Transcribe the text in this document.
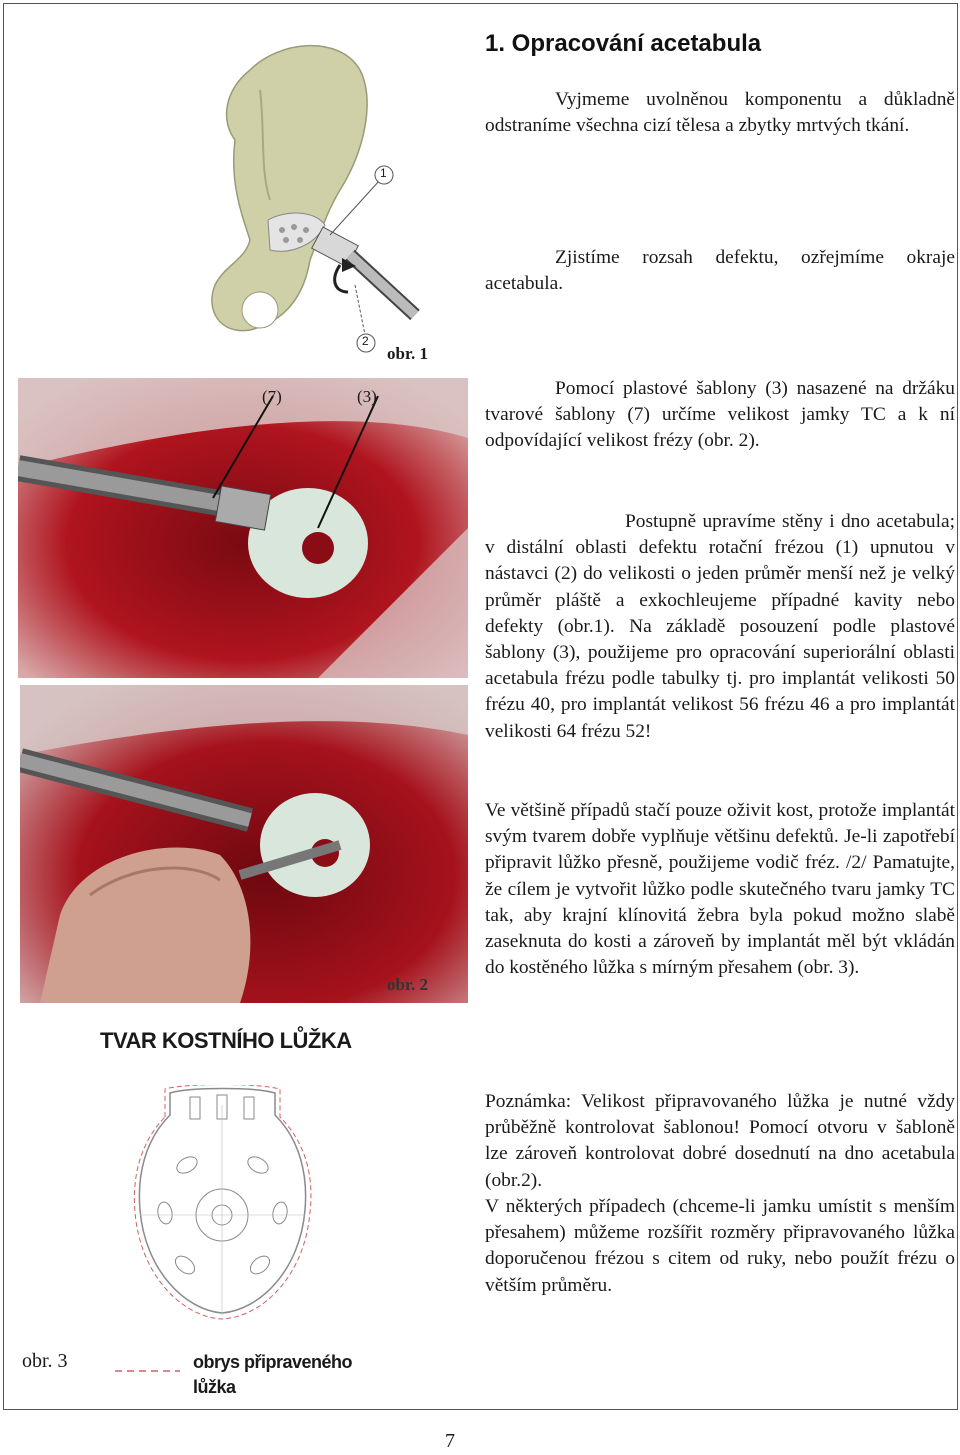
1
2
obr. 1
(7)	(3)
obr. 2
TVAR KOSTNÍHO LŮŽKA
obr. 3	obrys připraveného lůžka
1. Opracování acetabula

Vyjmeme uvolněnou komponentu a důkladně odstraníme všechna cizí tělesa a zbytky mrtvých tkání.

Zjistíme rozsah defektu, ozřejmíme okraje acetabula.

Pomocí plastové šablony (3) nasazené na držáku tvarové šablony (7) určíme velikost jamky TC a k ní odpovídající velikost frézy (obr. 2).

Postupně upravíme stěny i dno acetabula; v distální oblasti defektu rotační frézou (1) upnutou v nástavci (2) do velikosti o jeden průměr menší než je velký průměr pláště a exkochleujeme případné kavity nebo defekty (obr.1). Na základě posouzení podle plastové šablony (3), použijeme pro opracování superiorální oblasti acetabula frézu podle tabulky tj. pro implantát velikosti 50 frézu 40, pro implantát velikost 56 frézu 46 a pro implantát velikosti 64 frézu 52!

Ve většině případů stačí pouze oživit kost, protože implantát svým tvarem dobře vyplňuje většinu defektů. Je-li zapotřebí připravit lůžko přesně, použijeme vodič fréz. /2/ Pamatujte, že cílem je vytvořit lůžko podle skutečného tvaru jamky TC tak, aby krajní klínovitá žebra byla pokud možno slabě zaseknuta do kosti a zároveň by implantát měl být vkládán do kostěného lůžka s mírným přesahem (obr. 3).

Poznámka: Velikost připravovaného lůžka je nutné vždy průběžně kontrolovat šablonou! Pomocí otvoru v šabloně lze zároveň kontrolovat dobré dosednutí na dno acetabula (obr.2).

V některých případech (chceme-li jamku umístit s menším přesahem) můžeme rozšířit rozměry připravovaného lůžka doporučenou frézou s citem od ruky, nebo použít frézu o větším průměru.

7
